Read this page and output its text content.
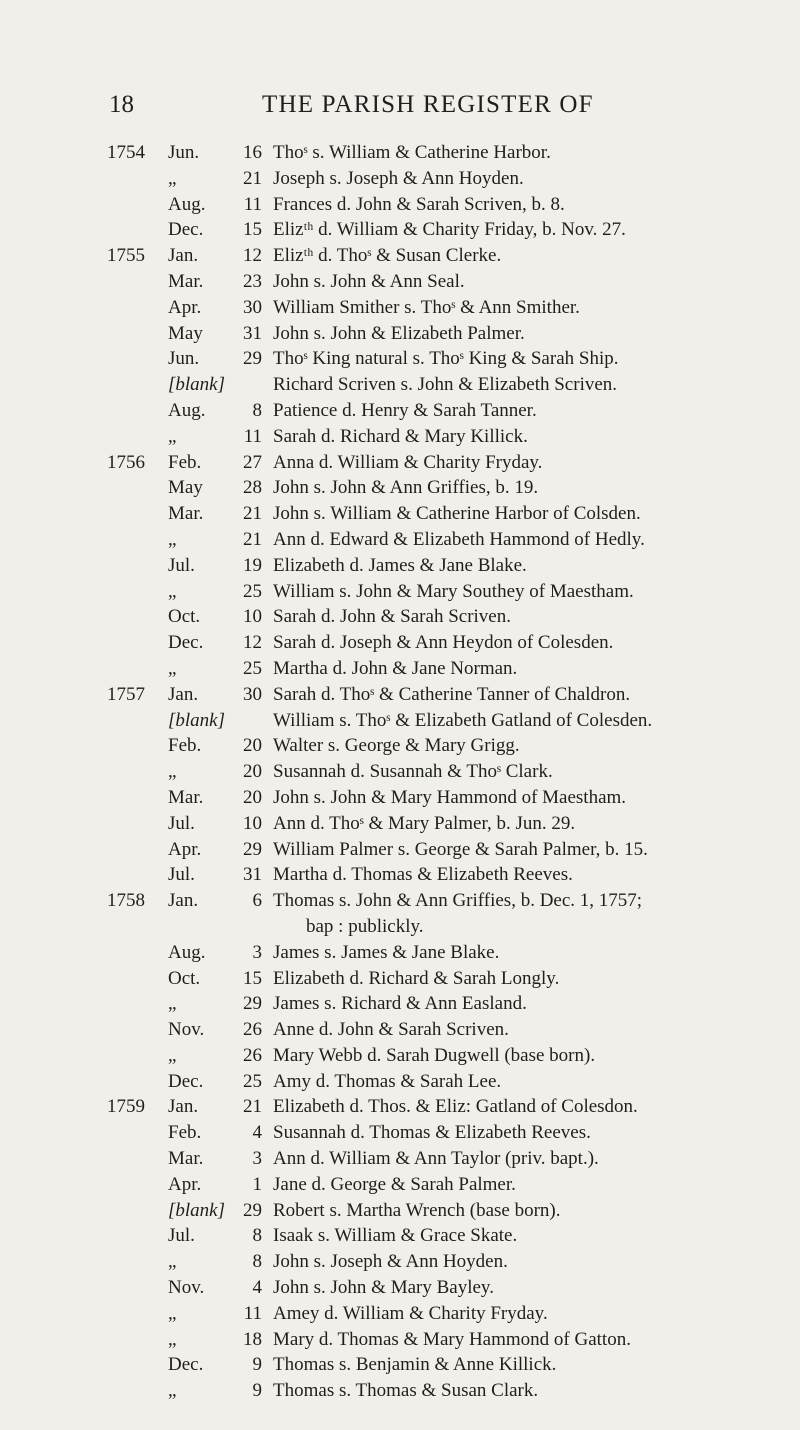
18	THE PARISH REGISTER OF
1754	Jun.	16 Thoˢ s. William & Catherine Harbor.
„	21 Joseph s. Joseph & Ann Hoyden.
Aug.	11 Frances d. John & Sarah Scriven, b. 8.
Dec.	15 Elizᵗʰ d. William & Charity Friday, b. Nov. 27.
1755	Jan.	12 Elizᵗʰ d. Thoˢ & Susan Clerke.
Mar.	23 John s. John & Ann Seal.
Apr.	30 William Smither s. Thoˢ & Ann Smither.
May	31 John s. John & Elizabeth Palmer.
Jun.	29 Thoˢ King natural s. Thoˢ King & Sarah Ship.
[blank]	Richard Scriven s. John & Elizabeth Scriven.
Aug.	8 Patience d. Henry & Sarah Tanner.
„	11 Sarah d. Richard & Mary Killick.
1756	Feb.	27 Anna d. William & Charity Fryday.
May	28 John s. John & Ann Griffies, b. 19.
Mar.	21 John s. William & Catherine Harbor of Colsden.
„	21 Ann d. Edward & Elizabeth Hammond of Hedly.
Jul.	19 Elizabeth d. James & Jane Blake.
„	25 William s. John & Mary Southey of Maestham.
Oct.	10 Sarah d. John & Sarah Scriven.
Dec.	12 Sarah d. Joseph & Ann Heydon of Colesden.
„	25 Martha d. John & Jane Norman.
1757	Jan.	30 Sarah d. Thoˢ & Catherine Tanner of Chaldron.
[blank]	William s. Thoˢ & Elizabeth Gatland of Colesden.
Feb.	20 Walter s. George & Mary Grigg.
„	20 Susannah d. Susannah & Thoˢ Clark.
Mar.	20 John s. John & Mary Hammond of Maestham.
Jul.	10 Ann d. Thoˢ & Mary Palmer, b. Jun. 29.
Apr.	29 William Palmer s. George & Sarah Palmer, b. 15.
Jul.	31 Martha d. Thomas & Elizabeth Reeves.
1758	Jan.	6 Thomas s. John & Ann Griffies, b. Dec. 1, 1757;
bap : publickly.
Aug.	3 James s. James & Jane Blake.
Oct.	15 Elizabeth d. Richard & Sarah Longly.
„	29 James s. Richard & Ann Easland.
Nov.	26 Anne d. John & Sarah Scriven.
„	26 Mary Webb d. Sarah Dugwell (base born).
Dec.	25 Amy d. Thomas & Sarah Lee.
1759	Jan.	21 Elizabeth d. Thos. & Eliz: Gatland of Colesdon.
Feb.	4 Susannah d. Thomas & Elizabeth Reeves.
Mar.	3 Ann d. William & Ann Taylor (priv. bapt.).
Apr.	1 Jane d. George & Sarah Palmer.
[blank] 29 Robert s. Martha Wrench (base born).
Jul.	8 Isaak s. William & Grace Skate.
„	8 John s. Joseph & Ann Hoyden.
Nov.	4 John s. John & Mary Bayley.
„	11 Amey d. William & Charity Fryday.
„	18 Mary d. Thomas & Mary Hammond of Gatton.
Dec.	9 Thomas s. Benjamin & Anne Killick.
„	9 Thomas s. Thomas & Susan Clark.
